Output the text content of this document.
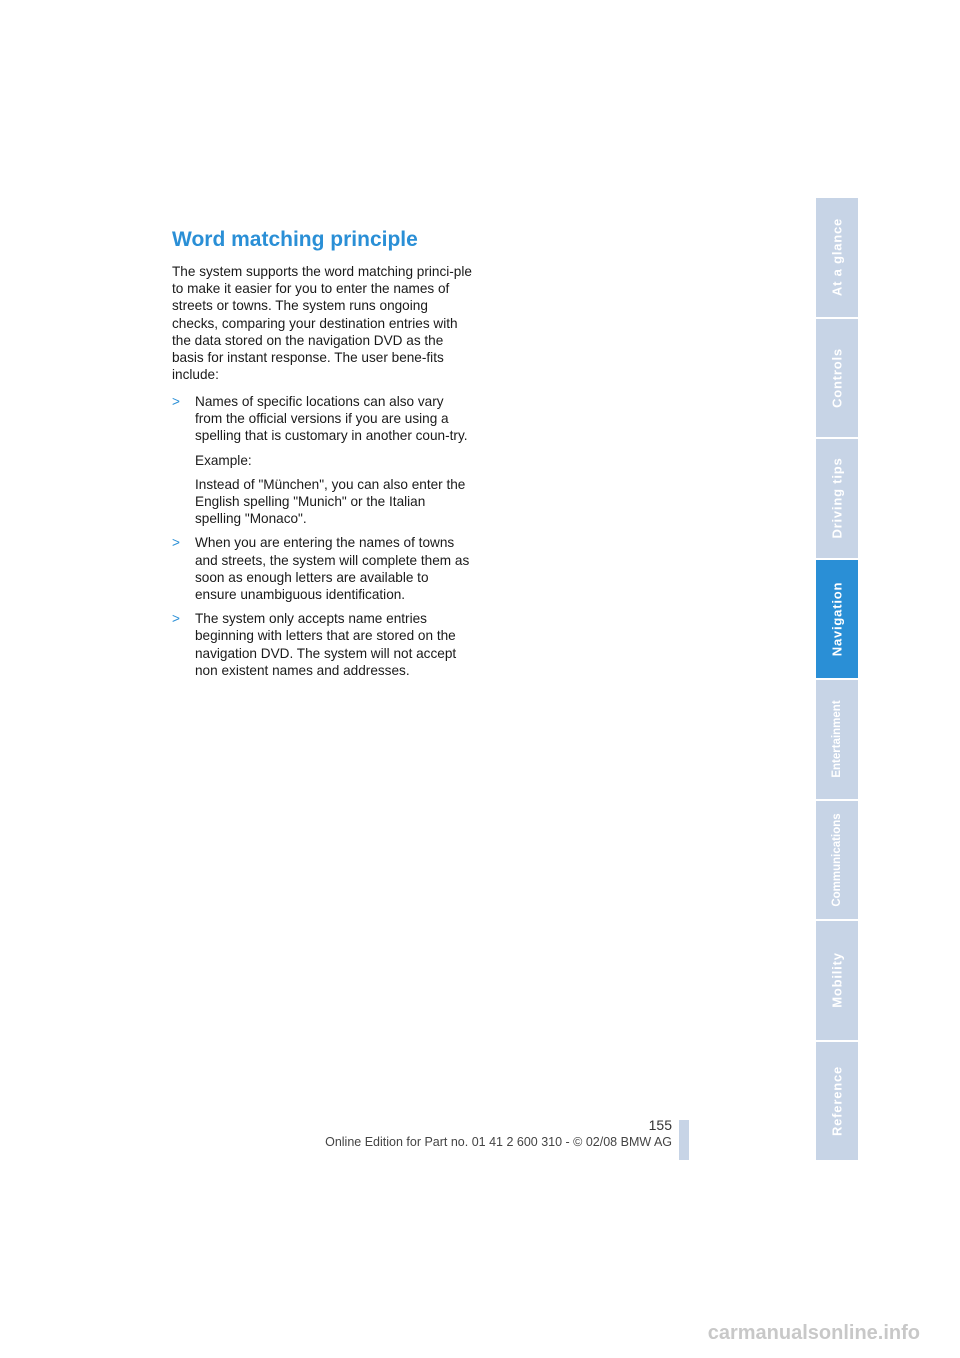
Word matching principle

The system supports the word matching princi-ple to make it easier for you to enter the names of streets or towns. The system runs ongoing checks, comparing your destination entries with the data stored on the navigation DVD as the basis for instant response. The user bene-fits include:

> Names of specific locations can also vary from the official versions if you are using a spelling that is customary in another coun-try.
Example:
Instead of "München", you can also enter the English spelling "Munich" or the Italian spelling "Monaco".
> When you are entering the names of towns and streets, the system will complete them as soon as enough letters are available to ensure unambiguous identification.
> The system only accepts name entries beginning with letters that are stored on the navigation DVD. The system will not accept non existent names and addresses.
At a glance
Controls
Driving tips
Navigation
Entertainment
Communications
Mobility
Reference
155
Online Edition for Part no. 01 41 2 600 310 - © 02/08 BMW AG
carmanualsonline.info
